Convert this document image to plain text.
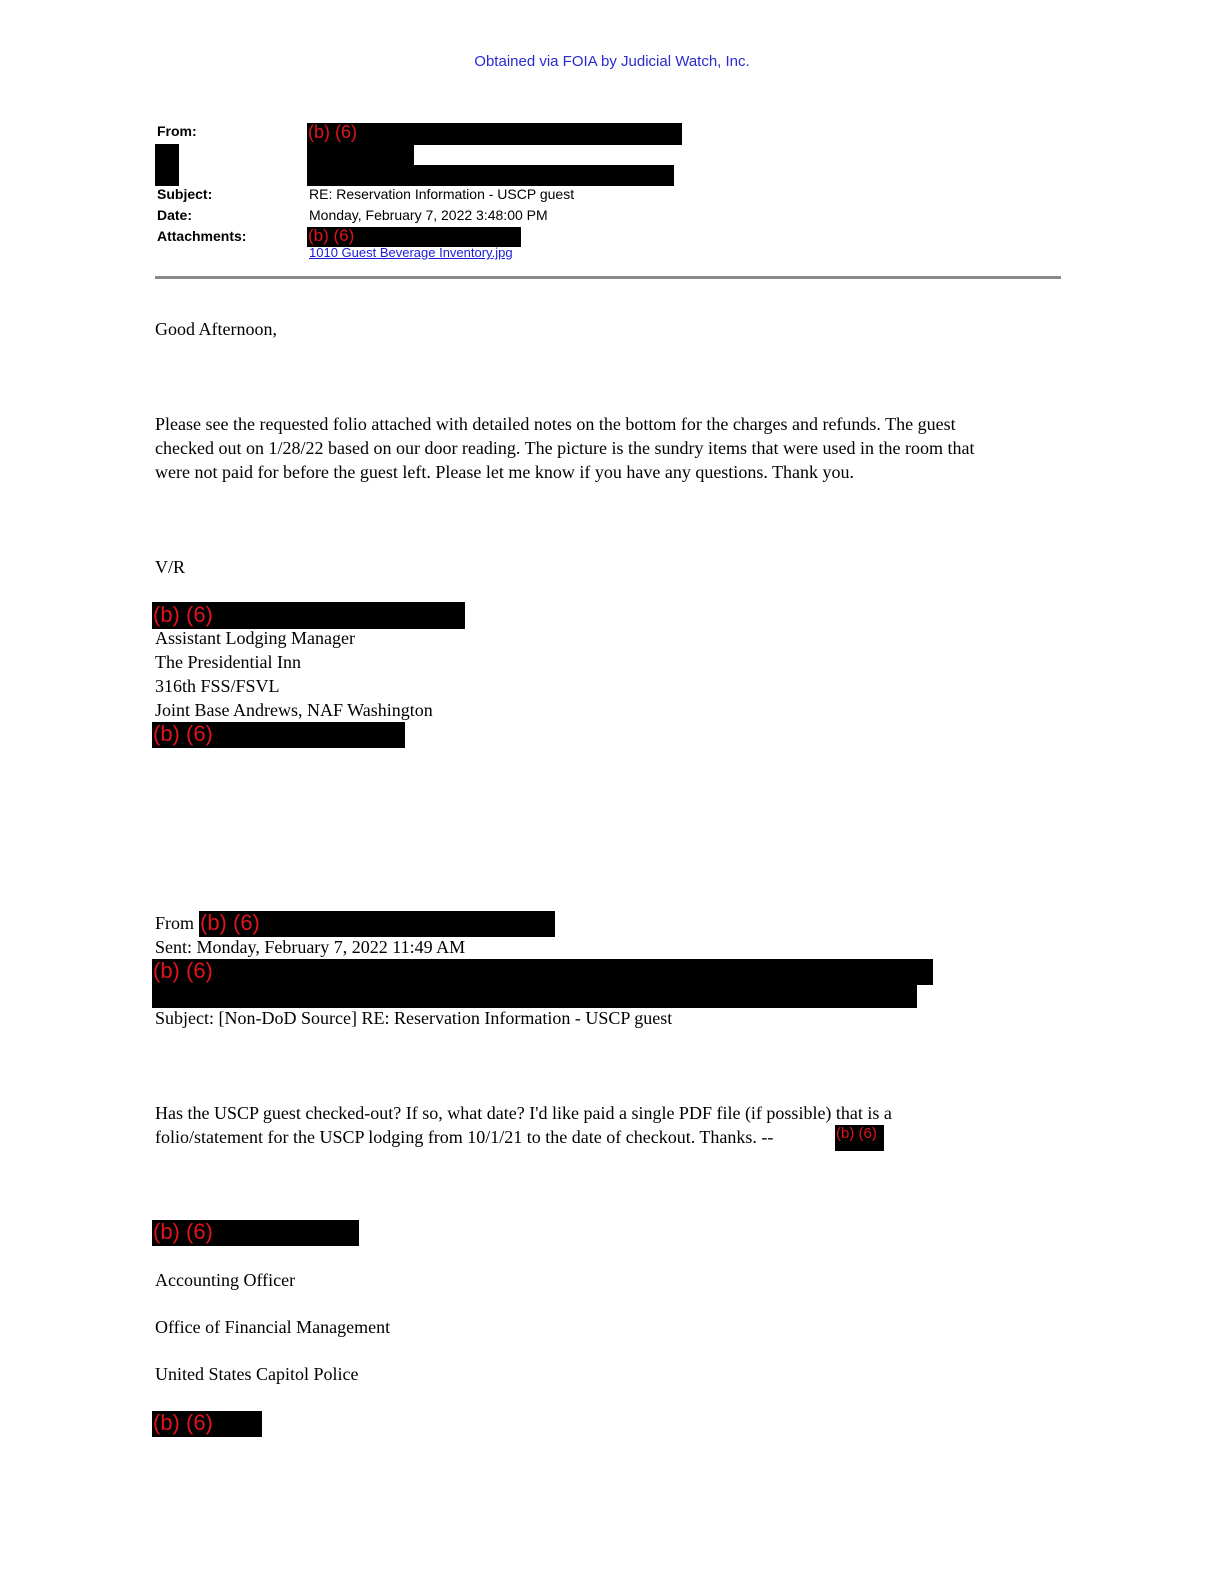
Obtained via FOIA by Judicial Watch, Inc.
From:	(b) (6)
Subject:	RE: Reservation Information - USCP guest
Date:	Monday, February 7, 2022 3:48:00 PM
Attachments:	(b) (6)
1010 Guest Beverage Inventory.jpg
Good Afternoon,
Please see the requested folio attached with detailed notes on the bottom for the charges and refunds. The guest
checked out on 1/28/22 based on our door reading. The picture is the sundry items that were used in the room that
were not paid for before the guest left. Please let me know if you have any questions. Thank you.
V/R
(b) (6)
Assistant Lodging Manager
The Presidential Inn
316th FSS/FSVL
Joint Base Andrews, NAF Washington
(b) (6)
From (b) (6)
Sent: Monday, February 7, 2022 11:49 AM
(b) (6)
Subject: [Non-DoD Source] RE: Reservation Information - USCP guest
Has the USCP guest checked-out? If so, what date? I'd like paid a single PDF file (if possible) that is a
folio/statement for the USCP lodging from 10/1/21 to the date of checkout. Thanks. --	(b) (6)
(b) (6)
Accounting Officer
Office of Financial Management
United States Capitol Police
(b) (6)
